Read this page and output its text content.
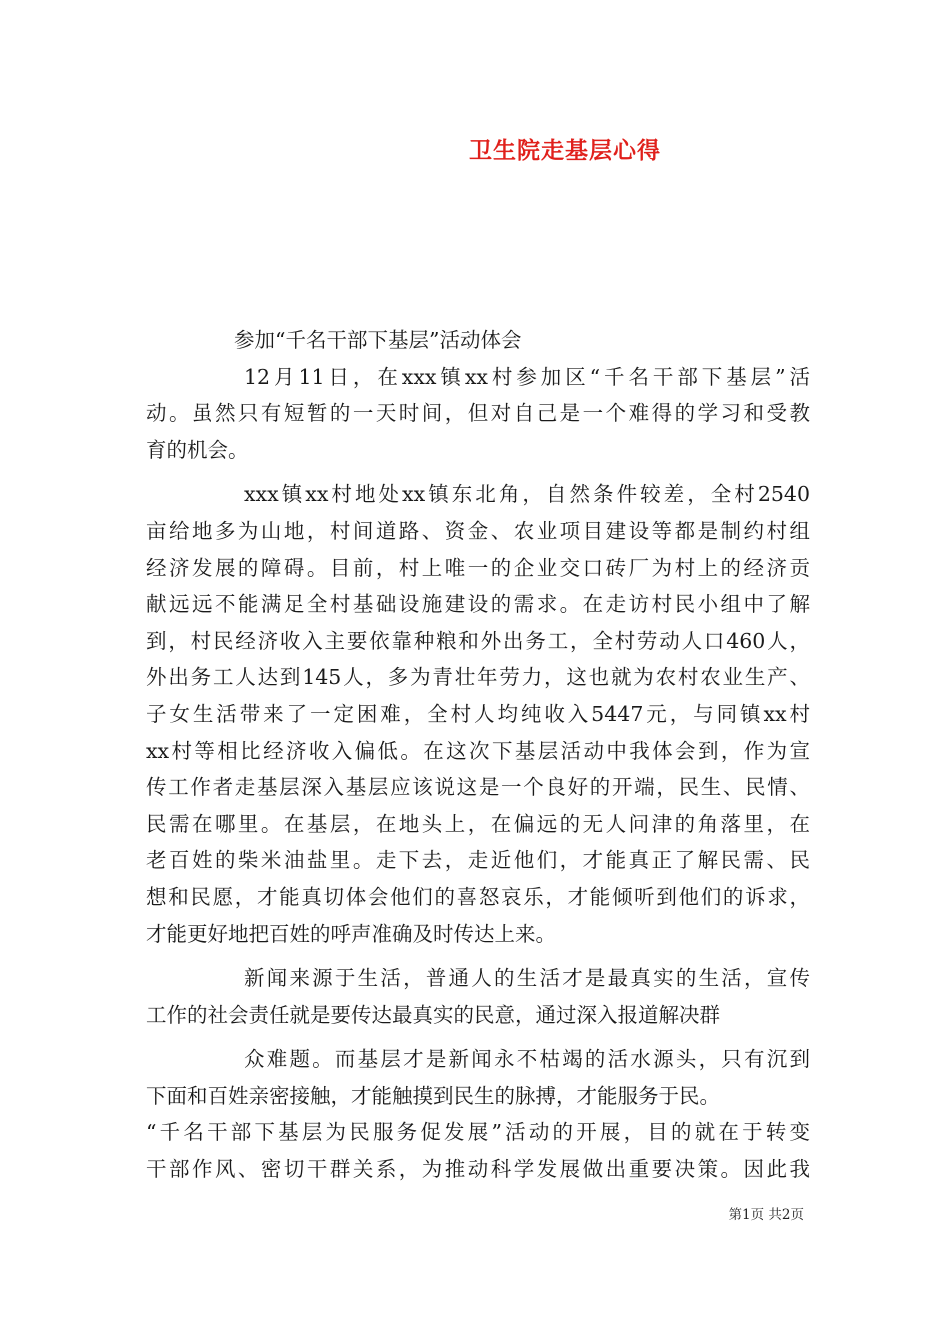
卫生院走基层心得
参加“千名干部下基层”活动体会
12月11日，在xxx镇xx村参加区“千名干部下基层”活
动。虽然只有短暂的一天时间，但对自己是一个难得的学习和受教
育的机会。
xxx镇xx村地处xx镇东北角，自然条件较差，全村2540
亩给地多为山地，村间道路、资金、农业项目建设等都是制约村组
经济发展的障碍。目前，村上唯一的企业交口砖厂为村上的经济贡
献远远不能满足全村基础设施建设的需求。在走访村民小组中了解
到，村民经济收入主要依靠种粮和外出务工，全村劳动人口460人，
外出务工人达到145人，多为青壮年劳力，这也就为农村农业生产、
子女生活带来了一定困难，全村人均纯收入5447元，与同镇xx村
xx村等相比经济收入偏低。在这次下基层活动中我体会到，作为宣
传工作者走基层深入基层应该说这是一个良好的开端，民生、民情、
民需在哪里。在基层，在地头上，在偏远的无人问津的角落里，在
老百姓的柴米油盐里。走下去，走近他们，才能真正了解民需、民
想和民愿，才能真切体会他们的喜怒哀乐，才能倾听到他们的诉求，
才能更好地把百姓的呼声准确及时传达上来。
新闻来源于生活，普通人的生活才是最真实的生活，宣传
工作的社会责任就是要传达最真实的民意，通过深入报道解决群
众难题。而基层才是新闻永不枯竭的活水源头，只有沉到
下面和百姓亲密接触，才能触摸到民生的脉搏，才能服务于民。
“千名干部下基层为民服务促发展”活动的开展，目的就在于转变
干部作风、密切干群关系，为推动科学发展做出重要决策。因此我
第1页 共2页
